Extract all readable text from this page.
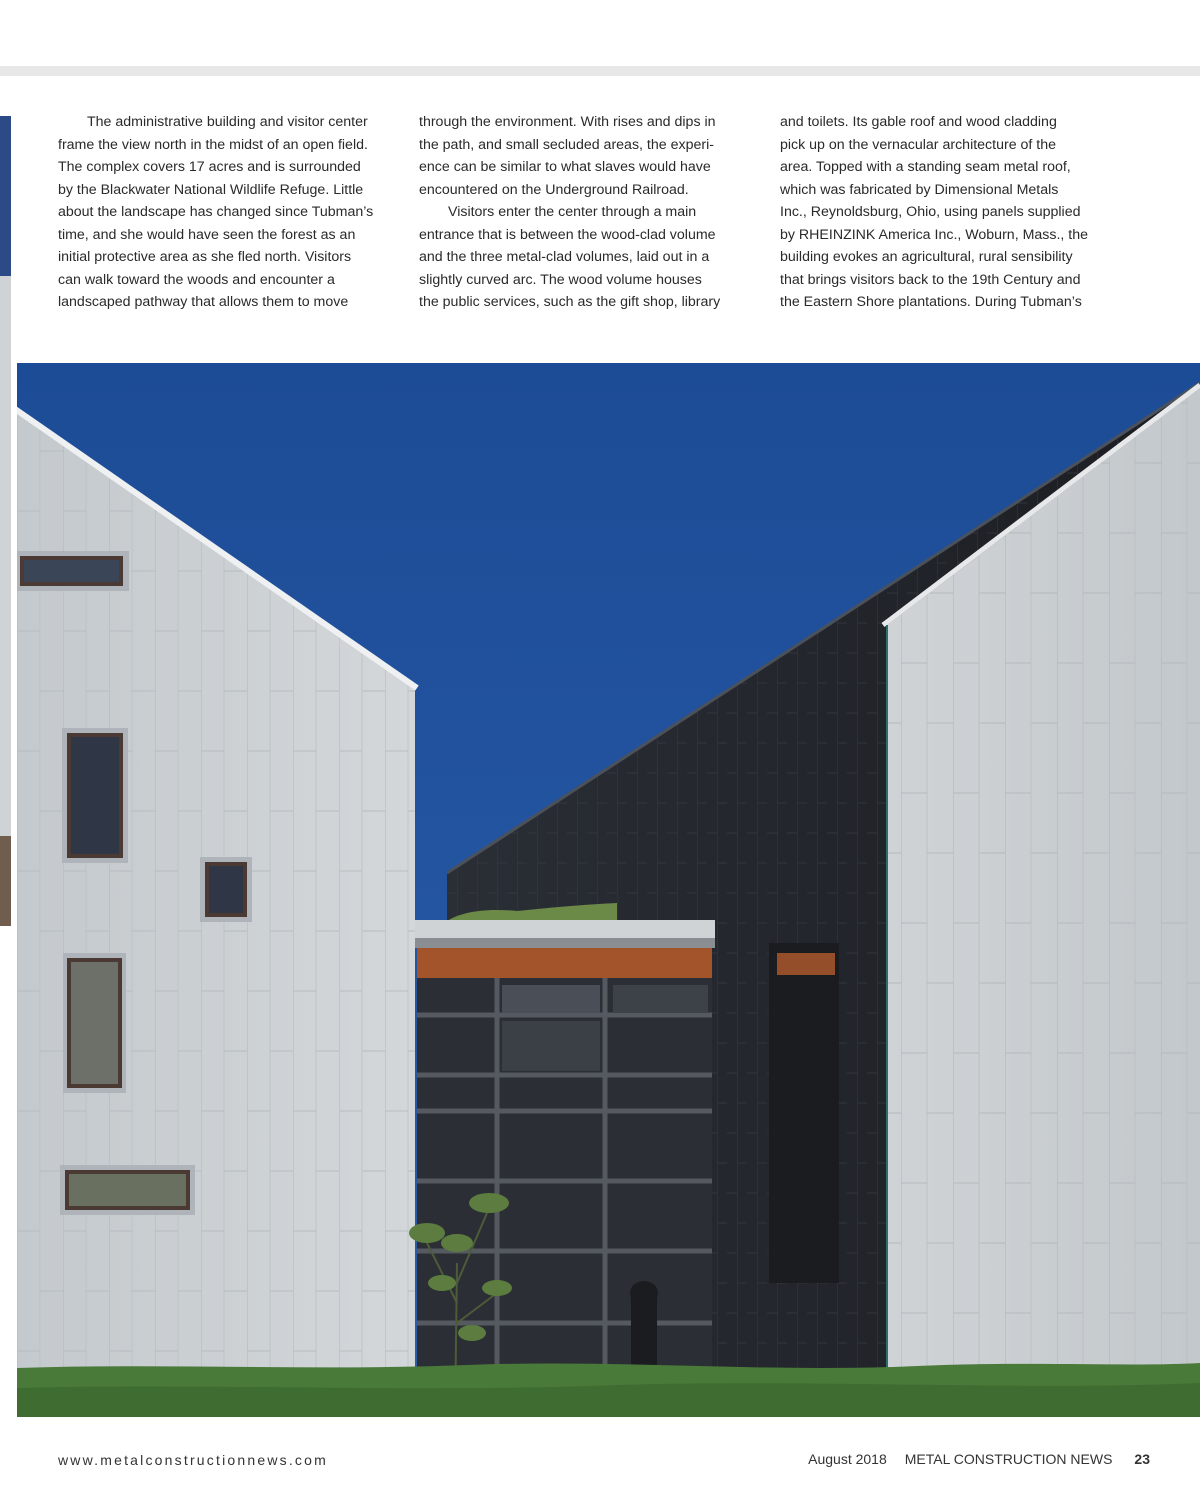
The administrative building and visitor center
frame the view north in the midst of an open field.
The complex covers 17 acres and is surrounded
by the Blackwater National Wildlife Refuge. Little
about the landscape has changed since Tubman’s
time, and she would have seen the forest as an
initial protective area as she fled north. Visitors
can walk toward the woods and encounter a
landscaped pathway that allows them to move

through the environment. With rises and dips in
the path, and small secluded areas, the experi-
ence can be similar to what slaves would have
encountered on the Underground Railroad.

Visitors enter the center through a main
entrance that is between the wood-clad volume
and the three metal-clad volumes, laid out in a
slightly curved arc. The wood volume houses
the public services, such as the gift shop, library

and toilets. Its gable roof and wood cladding
pick up on the vernacular architecture of the
area. Topped with a standing seam metal roof,
which was fabricated by Dimensional Metals
Inc., Reynoldsburg, Ohio, using panels supplied
by RHEINZINK America Inc., Woburn, Mass., the
building evokes an agricultural, rural sensibility
that brings visitors back to the 19th Century and
the Eastern Shore plantations. During Tubman’s

www.metalconstructionnews.com	August 2018 METAL CONSTRUCTION NEWS 23
